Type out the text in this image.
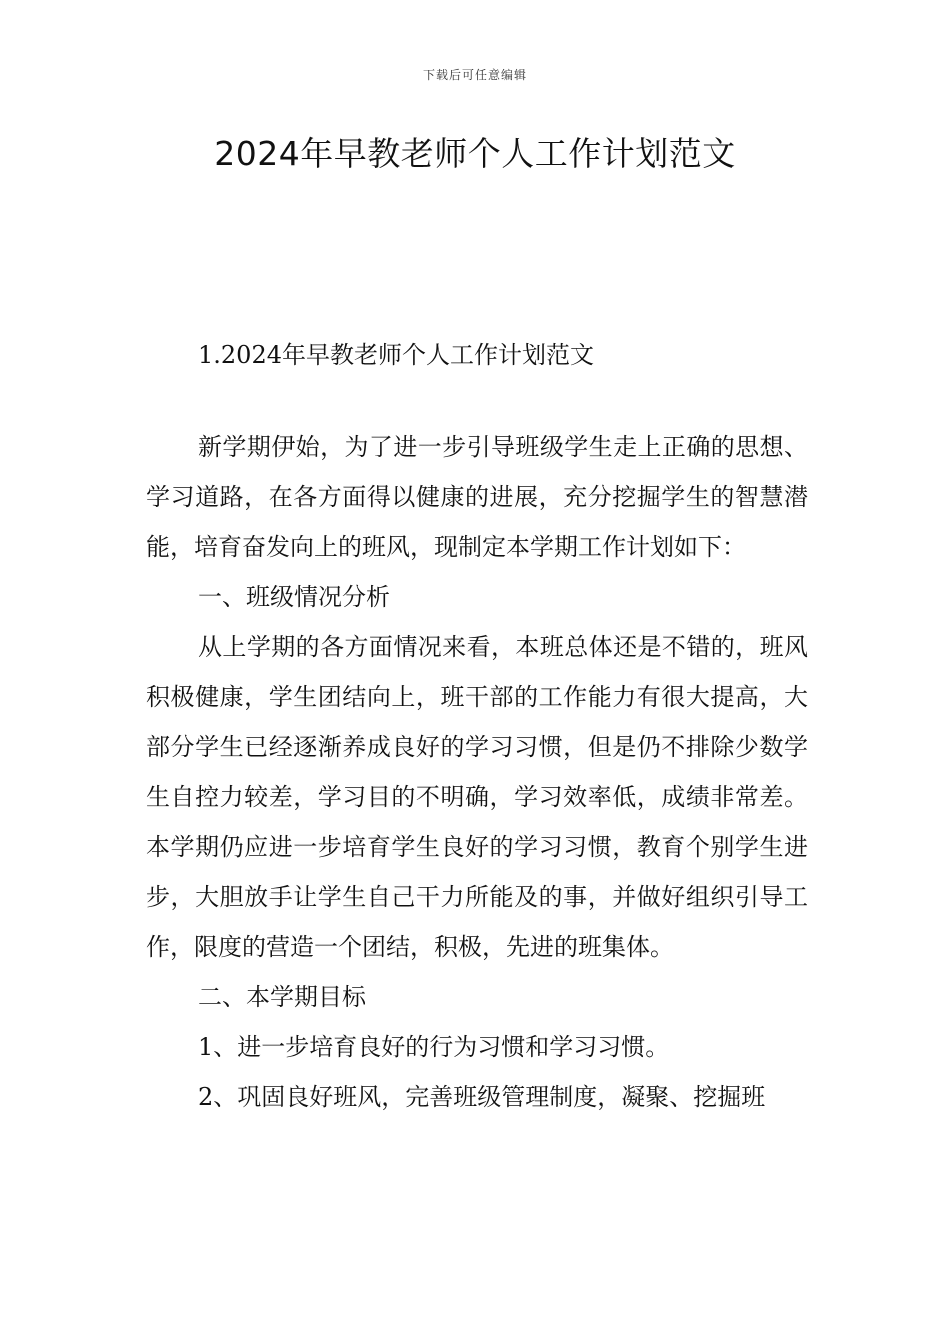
下载后可任意编辑
2024年早教老师个人工作计划范文

1.2024年早教老师个人工作计划范文

新学期伊始，为了进一步引导班级学生走上正确的思想、学习道路，在各方面得以健康的进展，充分挖掘学生的智慧潜能，培育奋发向上的班风，现制定本学期工作计划如下：

一、班级情况分析

从上学期的各方面情况来看，本班总体还是不错的，班风积极健康，学生团结向上，班干部的工作能力有很大提高，大部分学生已经逐渐养成良好的学习习惯，但是仍不排除少数学生自控力较差，学习目的不明确，学习效率低，成绩非常差。本学期仍应进一步培育学生良好的学习习惯，教育个别学生进步，大胆放手让学生自己干力所能及的事，并做好组织引导工作，限度的营造一个团结，积极，先进的班集体。

二、本学期目标

1、进一步培育良好的行为习惯和学习习惯。

2、巩固良好班风，完善班级管理制度，凝聚、挖掘班
